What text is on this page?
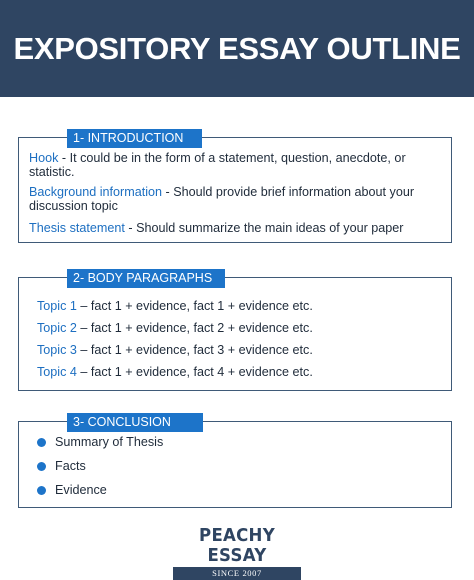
EXPOSITORY ESSAY OUTLINE
1- INTRODUCTION
Hook - It could be in the form of a statement, question, anecdote, or statistic.
Background information - Should provide brief information about your discussion topic
Thesis statement - Should summarize the main ideas of your paper
2- BODY PARAGRAPHS
Topic 1 – fact 1 + evidence, fact 1 + evidence etc.
Topic 2 – fact 1 + evidence, fact 2 + evidence etc.
Topic 3 – fact 1 + evidence, fact 3 + evidence etc.
Topic 4 – fact 1 + evidence, fact 4 + evidence etc.
3- CONCLUSION
Summary of Thesis
Facts
Evidence
PEACHY ESSAY
SINCE 2007
